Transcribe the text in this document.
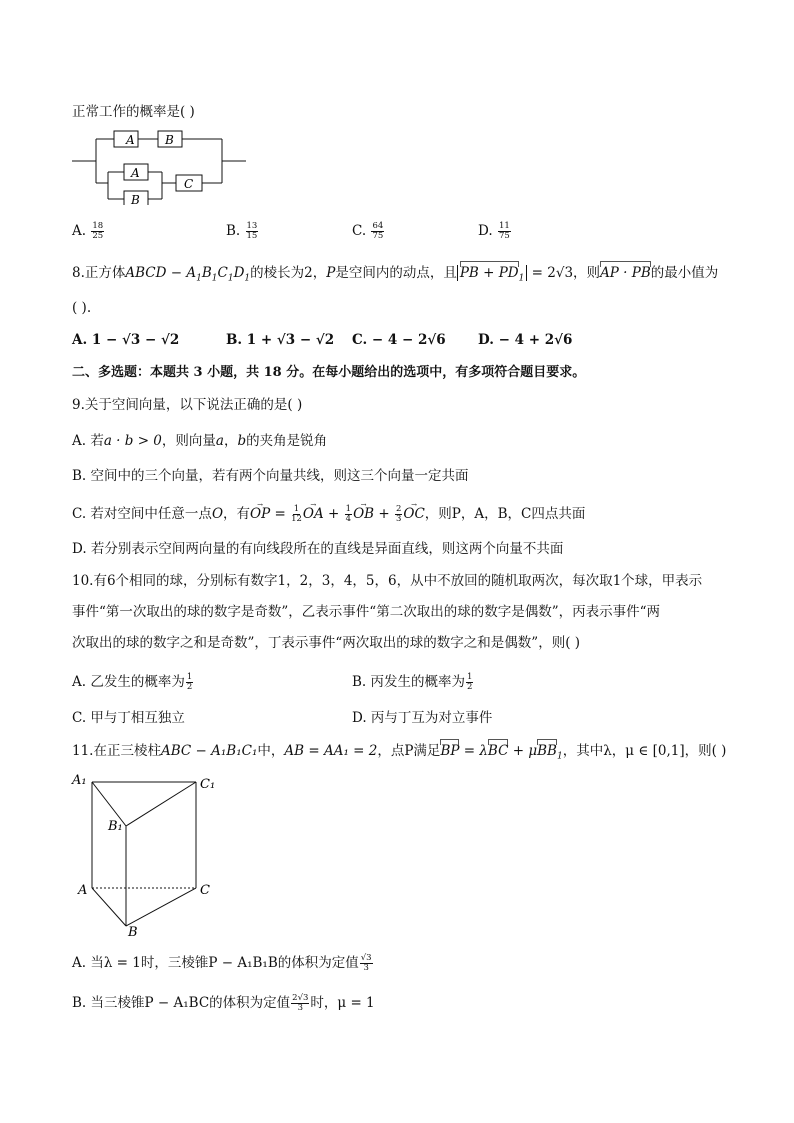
正常工作的概率是( )
A	B
A
B
C
A. $\frac{18}{25}$	B. $\frac{13}{15}$	C. $\frac{64}{75}$	D. $\frac{11}{75}$
8.正方体ABCD − $A_1B_1C_1D_1$的棱长为2，P是空间内的动点，且 PB + $PD_1 = 2√3$，则AP · PB的最小值为
( ).
A. 1 − √3 − √2	B. 1 + √3 − √2 C. − 4 − 2√6 D. − 4 + 2√6
二、多选题：本题共 3 小题，共 18 分。在每小题给出的选项中，有多项符合题目要求。
9.关于空间向量，以下说法正确的是( )
A. 若a · b > 0，则向量a，b的夹角是锐角
B. 空间中的三个向量，若有两个向量共线，则这三个向量一定共面
C. 若对空间中任意一点O，有→ OP = $\frac{1}{12}$ → OA + $\frac{1}{4}$ → OB + $\frac{2}{3}$ → OC，则P，A，B，C四点共面
D. 若分别表示空间两向量的有向线段所在的直线是异面直线，则这两个向量不共面
10.有6个相同的球，分别标有数字1，2，3，4，5，6，从中不放回的随机取两次，每次取1个球，甲表示
事件“第一次取出的球的数字是奇数”，乙表示事件“第二次取出的球的数字是偶数”，丙表示事件“两
次取出的球的数字之和是奇数”，丁表示事件“两次取出的球的数字之和是偶数”，则( )
A. 乙发生的概率为 $\frac{1}{2}$	B. 丙发生的概率为 $\frac{1}{2}$
C. 甲与丁相互独立	D. 丙与丁互为对立事件
11.在正三棱柱ABC − A₁B₁C₁中，AB = AA₁ = 2，点P满足BP = λBC + μBB$_1$，其中λ，μ ∈ [0,1]，则( )
A₁	C₁
B₁
A	C
B
A. 当λ = 1时，三棱锥P − A₁B₁B的体积为定值 $\frac{√3}{3}$
B. 当三棱锥P − A₁BC的体积为定值 $\frac{2√3}{3}$ 时，μ = 1
